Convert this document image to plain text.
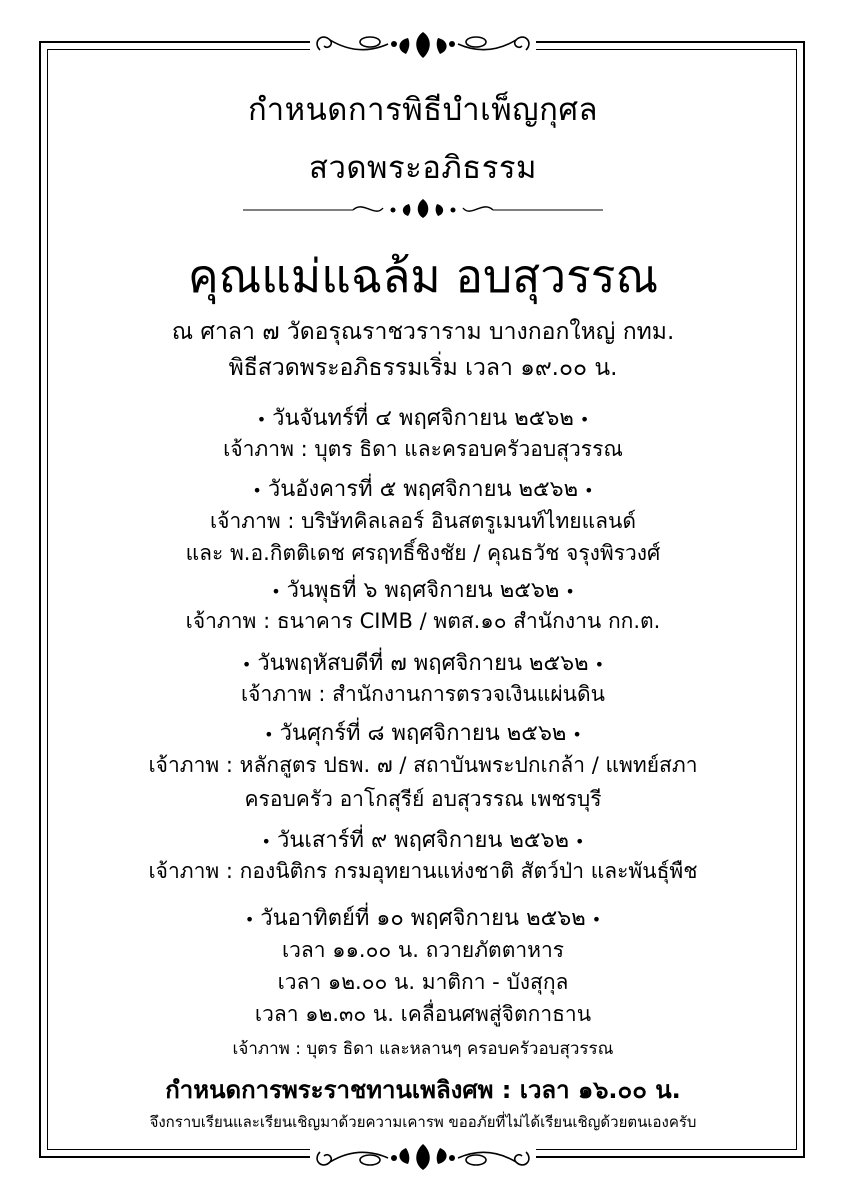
กำหนดการพิธีบำเพ็ญกุศล
สวดพระอภิธรรม
คุณแม่แฉล้ม อบสุวรรณ
ณ ศาลา ๗ วัดอรุณราชวราราม บางกอกใหญ่ กทม.
พิธีสวดพระอภิธรรมเริ่ม เวลา ๑๙.๐๐ น.
• วันจันทร์ที่ ๔ พฤศจิกายน ๒๕๖๒ •
เจ้าภาพ : บุตร ธิดา และครอบครัวอบสุวรรณ
• วันอังคารที่ ๕ พฤศจิกายน ๒๕๖๒ •
เจ้าภาพ : บริษัทคิลเลอร์ อินสตรูเมนท์ไทยแลนด์
และ พ.อ.กิตติเดช ศรฤทธิ์ชิงชัย / คุณธวัช จรุงพิรวงศ์
• วันพุธที่ ๖ พฤศจิกายน ๒๕๖๒ •
เจ้าภาพ : ธนาคาร CIMB / พตส.๑๐ สำนักงาน กก.ต.
• วันพฤหัสบดีที่ ๗ พฤศจิกายน ๒๕๖๒ •
เจ้าภาพ : สำนักงานการตรวจเงินแผ่นดิน
• วันศุกร์ที่ ๘ พฤศจิกายน ๒๕๖๒ •
เจ้าภาพ : หลักสูตร ปธพ. ๗ / สถาบันพระปกเกล้า / แพทย์สภา
ครอบครัว อาโกสุรีย์ อบสุวรรณ เพชรบุรี
• วันเสาร์ที่ ๙ พฤศจิกายน ๒๕๖๒ •
เจ้าภาพ : กองนิติกร กรมอุทยานแห่งชาติ สัตว์ป่า และพันธุ์พืช
• วันอาทิตย์ที่ ๑๐ พฤศจิกายน ๒๕๖๒ •
เวลา ๑๑.๐๐ น. ถวายภัตตาหาร
เวลา ๑๒.๐๐ น. มาติกา - บังสุกุล
เวลา ๑๒.๓๐ น. เคลื่อนศพสู่จิตกาธาน
เจ้าภาพ : บุตร ธิดา และหลานๆ ครอบครัวอบสุวรรณ
กำหนดการพระราชทานเพลิงศพ : เวลา ๑๖.๐๐ น.
จึงกราบเรียนและเรียนเชิญมาด้วยความเคารพ ขออภัยที่ไม่ได้เรียนเชิญด้วยตนเองครับ
